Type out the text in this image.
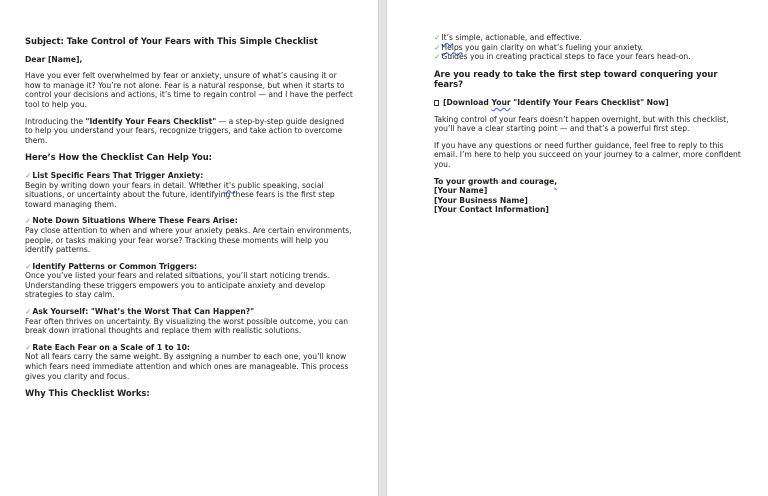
Subject: Take Control of Your Fears with This Simple Checklist

Dear [Name],

Have you ever felt overwhelmed by fear or anxiety, unsure of what’s causing it or how to manage it? You’re not alone. Fear is a natural response, but when it starts to control your decisions and actions, it’s time to regain control — and I have the perfect tool to help you.

Introducing the "Identify Your Fears Checklist" — a step-by-step guide designed to help you understand your fears, recognize triggers, and take action to overcome them.

Here’s How the Checklist Can Help You:

✓List Specific Fears That Trigger Anxiety:
Begin by writing down your fears in detail. Whether it’s public speaking, social situations, or uncertainty about the future, identifying these fears is the first step toward managing them.

✓Note Down Situations Where These Fears Arise:
Pay close attention to when and where your anxiety peaks. Are certain environments, people, or tasks making your fear worse? Tracking these moments will help you identify patterns.

✓Identify Patterns or Common Triggers:
Once you’ve listed your fears and related situations, you’ll start noticing trends. Understanding these triggers empowers you to anticipate anxiety and develop strategies to stay calm.

✓Ask Yourself: "What’s the Worst That Can Happen?"
Fear often thrives on uncertainty. By visualizing the worst possible outcome, you can break down irrational thoughts and replace them with realistic solutions.

✓Rate Each Fear on a Scale of 1 to 10:
Not all fears carry the same weight. By assigning a number to each one, you’ll know which fears need immediate attention and which ones are manageable. This process gives you clarity and focus.

Why This Checklist Works:

✓It’s simple, actionable, and effective.

✓Helps you gain clarity on what’s fueling your anxiety.

✓Guides you in creating practical steps to face your fears head-on.

Are you ready to take the first step toward conquering your fears?

[Download Your "Identify Your Fears Checklist" Now]

Taking control of your fears doesn’t happen overnight, but with this checklist, you’ll have a clear starting point — and that’s a powerful first step.

If you have any questions or need further guidance, feel free to reply to this email. I’m here to help you succeed on your journey to a calmer, more confident you.

To your growth and courage,

[Your Name]

[Your Business Name]

[Your Contact Information]
